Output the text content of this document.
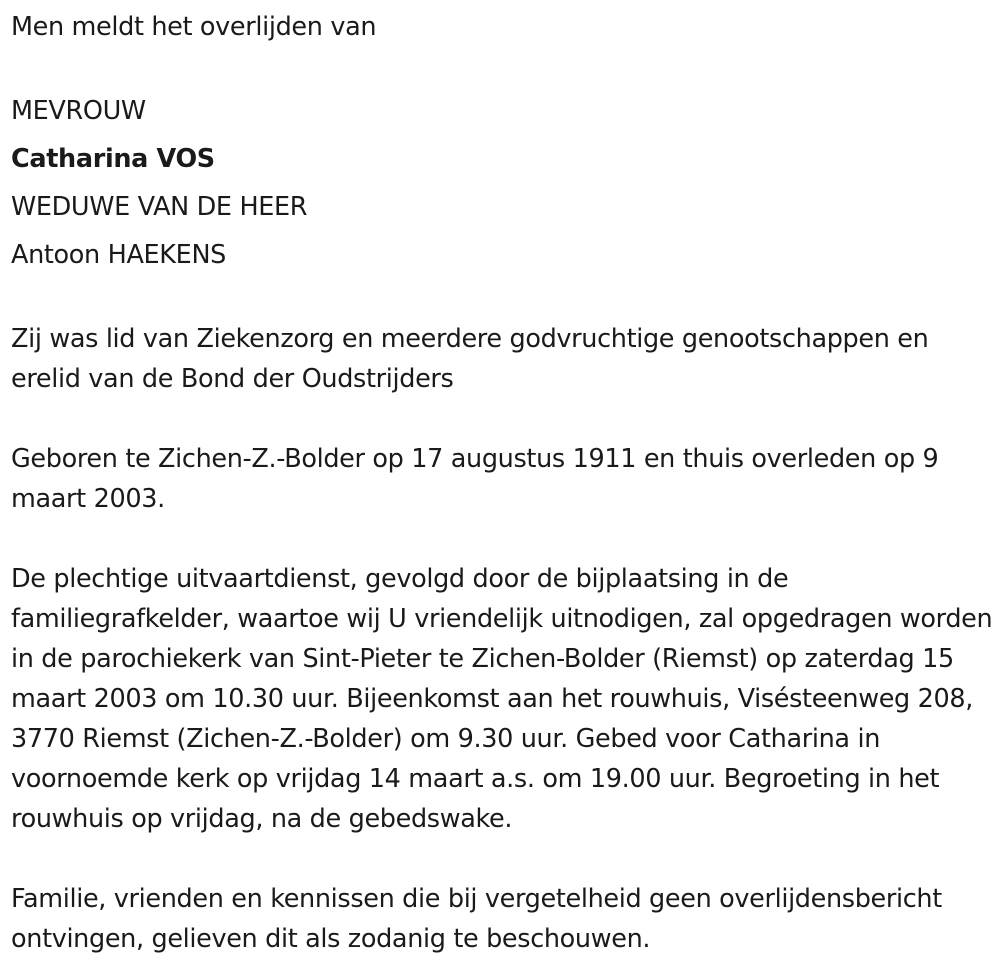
Men meldt het overlijden van

MEVROUW

Catharina VOS

WEDUWE VAN DE HEER

Antoon HAEKENS

Zij was lid van Ziekenzorg en meerdere godvruchtige genootschappen en erelid van de Bond der Oudstrijders

Geboren te Zichen-Z.-Bolder op 17 augustus 1911 en thuis overleden op 9 maart 2003.

De plechtige uitvaartdienst, gevolgd door de bijplaatsing in de familiegrafkelder, waartoe wij U vriendelijk uitnodigen, zal opgedragen worden in de parochiekerk van Sint-Pieter te Zichen-Bolder (Riemst) op zaterdag 15 maart 2003 om 10.30 uur. Bijeenkomst aan het rouwhuis, Visésteenweg 208, 3770 Riemst (Zichen-Z.-Bolder) om 9.30 uur. Gebed voor Catharina in voornoemde kerk op vrijdag 14 maart a.s. om 19.00 uur. Begroeting in het rouwhuis op vrijdag, na de gebedswake.

Familie, vrienden en kennissen die bij vergetelheid geen overlijdensbericht ontvingen, gelieven dit als zodanig te beschouwen.
